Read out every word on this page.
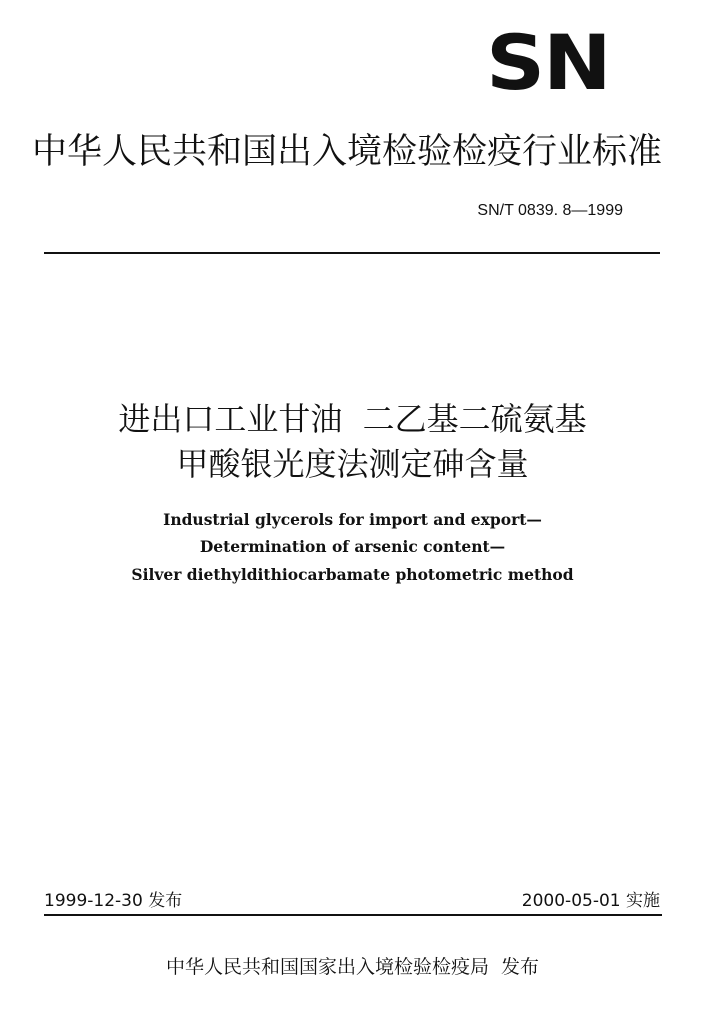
SN
中华人民共和国出入境检验检疫行业标准
SN/T 0839. 8—1999
进出口工业甘油  二乙基二硫氨基
甲酸银光度法测定砷含量
Industrial glycerols for import and export—
Determination of arsenic content—
Silver diethyldithiocarbamate photometric method
1999-12-30 发布	2000-05-01 实施
中华人民共和国国家出入境检验检疫局  发布
